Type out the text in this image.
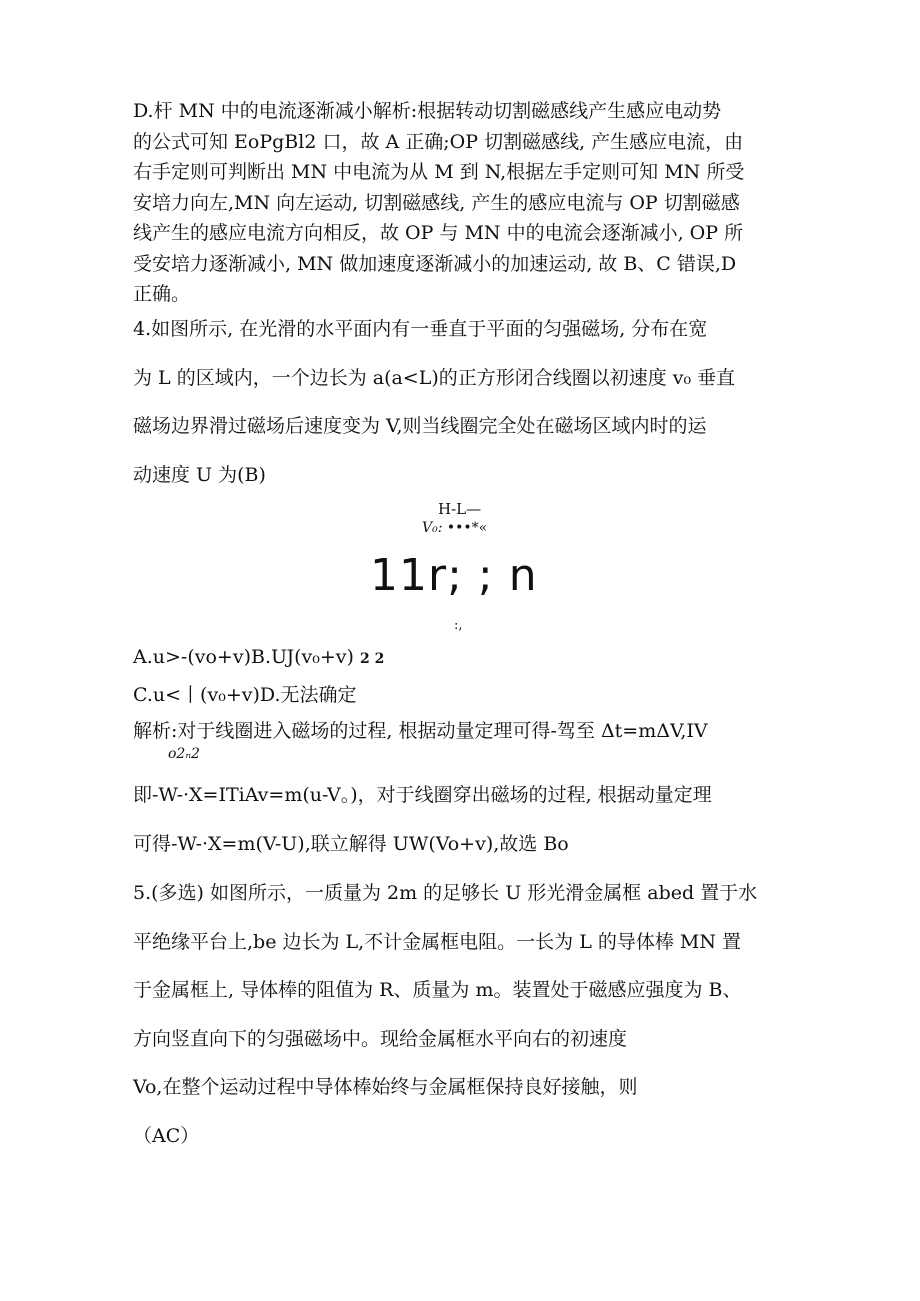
D.杆 MN 中的电流逐渐减小解析:根据转动切割磁感线产生感应电动势
的公式可知 EoPgBl2 口，故 A 正确;OP 切割磁感线, 产生感应电流，由
右手定则可判断出 MN 中电流为从 M 到 N,根据左手定则可知 MN 所受
安培力向左,MN 向左运动, 切割磁感线, 产生的感应电流与 OP 切割磁感
线产生的感应电流方向相反，故 OP 与 MN 中的电流会逐渐减小, OP 所
受安培力逐渐减小, MN 做加速度逐渐减小的加速运动, 故 B、C 错误,D
正确。
4.如图所示, 在光滑的水平面内有一垂直于平面的匀强磁场, 分布在宽
为 L 的区域内，一个边长为 a(a<L)的正方形闭合线圈以初速度 v₀ 垂直
磁场边界滑过磁场后速度变为 V,则当线圈完全处在磁场区域内时的运
动速度 U 为(B)
H-L—
V₀: •••*«
11r; ; n
:,

A.u>-(vo+v)B.UJ(v₀+v) 2 2

C.u<丨(v₀+v)D.无法确定

解析:对于线圈进入磁场的过程, 根据动量定理可得-驾至 Δt=mΔV,IV

o2ₙ2

即-W-·X=ITiAv=m(u-V。)，对于线圈穿出磁场的过程, 根据动量定理

可得-W-·X=m(V-U),联立解得 UW(Vo+v),故选 Bo

5.(多选) 如图所示，一质量为 2m 的足够长 U 形光滑金属框 abed 置于水
平绝缘平台上,be 边长为 L,不计金属框电阻。一长为 L 的导体棒 MN 置
于金属框上, 导体棒的阻值为 R、质量为 m。装置处于磁感应强度为 B、
方向竖直向下的匀强磁场中。现给金属框水平向右的初速度
Vo,在整个运动过程中导体棒始终与金属框保持良好接触，则
（AC）
